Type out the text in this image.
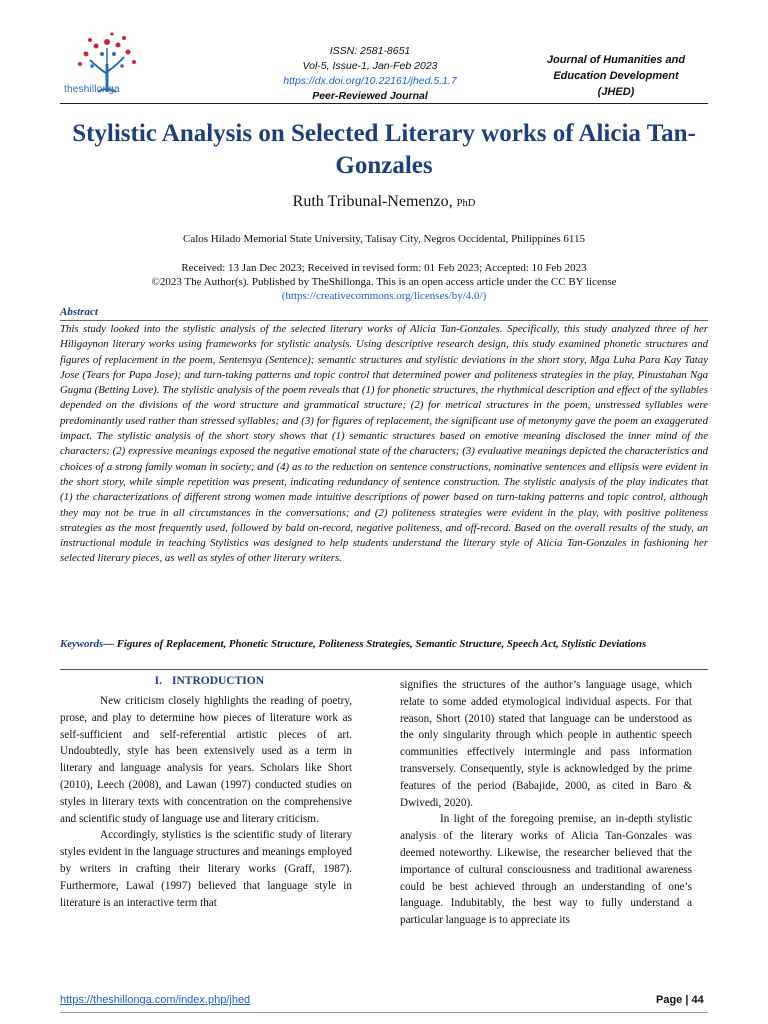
theshillonga
ISSN: 2581-8651
Vol-5, Issue-1, Jan-Feb 2023
https://dx.doi.org/10.22161/jhed.5.1.7
Peer-Reviewed Journal
Journal of Humanities and
Education Development
(JHED)
Stylistic Analysis on Selected Literary works of Alicia Tan-Gonzales
Ruth Tribunal-Nemenzo, PhD
Calos Hilado Memorial State University, Talisay City, Negros Occidental, Philippines 6115
Received: 13 Jan Dec 2023; Received in revised form: 01 Feb 2023; Accepted: 10 Feb 2023
©2023 The Author(s). Published by TheShillonga. This is an open access article under the CC BY license
(https://creativecommons.org/licenses/by/4.0/)
Abstract
This study looked into the stylistic analysis of the selected literary works of Alicia Tan-Gonzales. Specifically, this study analyzed three of her Hiligaynon literary works using frameworks for stylistic analysis. Using descriptive research design, this study examined phonetic structures and figures of replacement in the poem, Sentensya (Sentence); semantic structures and stylistic deviations in the short story, Mga Luha Para Kay Tatay Jose (Tears for Papa Jose); and turn-taking patterns and topic control that determined power and politeness strategies in the play, Pinustahan Nga Gugma (Betting Love). The stylistic analysis of the poem reveals that (1) for phonetic structures, the rhythmical description and effect of the syllables depended on the divisions of the word structure and grammatical structure; (2) for metrical structures in the poem, unstressed syllables were predominantly used rather than stressed syllables; and (3) for figures of replacement, the significant use of metonymy gave the poem an exaggerated impact. The stylistic analysis of the short story shows that (1) semantic structures based on emotive meaning disclosed the inner mind of the characters; (2) expressive meanings exposed the negative emotional state of the characters; (3) evaluative meanings depicted the characteristics and choices of a strong family woman in society; and (4) as to the reduction on sentence constructions, nominative sentences and ellipsis were evident in the short story, while simple repetition was present, indicating redundancy of sentence construction. The stylistic analysis of the play indicates that (1) the characterizations of different strong women made intuitive descriptions of power based on turn-taking patterns and topic control, although they may not be true in all circumstances in the conversations; and (2) politeness strategies were evident in the play, with positive politeness strategies as the most frequently used, followed by bald on-record, negative politeness, and off-record. Based on the overall results of the study, an instructional module in teaching Stylistics was designed to help students understand the literary style of Alicia Tan-Gonzales in fashioning her selected literary pieces, as well as styles of other literary writers.
Keywords— Figures of Replacement, Phonetic Structure, Politeness Strategies, Semantic Structure, Speech Act, Stylistic Deviations
I. INTRODUCTION

New criticism closely highlights the reading of poetry, prose, and play to determine how pieces of literature work as self-sufficient and self-referential artistic pieces of art. Undoubtedly, style has been extensively used as a term in literary and language analysis for years. Scholars like Short (2010), Leech (2008), and Lawan (1997) conducted studies on styles in literary texts with concentration on the comprehensive and scientific study of language use and literary criticism.

Accordingly, stylistics is the scientific study of literary styles evident in the language structures and meanings employed by writers in crafting their literary works (Graff, 1987). Furthermore, Lawal (1997) believed that language style in literature is an interactive term that

signifies the structures of the author’s language usage, which relate to some added etymological individual aspects. For that reason, Short (2010) stated that language can be understood as the only singularity through which people in authentic speech communities effectively intermingle and pass information transversely. Consequently, style is acknowledged by the prime features of the period (Babajide, 2000, as cited in Baro & Dwivedi, 2020).

In light of the foregoing premise, an in-depth stylistic analysis of the literary works of Alicia Tan-Gonzales was deemed noteworthy. Likewise, the researcher believed that the importance of cultural consciousness and traditional awareness could be best achieved through an understanding of one’s language. Indubitably, the best way to fully understand a particular language is to appreciate its

https://theshillonga.com/index.php/jhed	Page | 44
